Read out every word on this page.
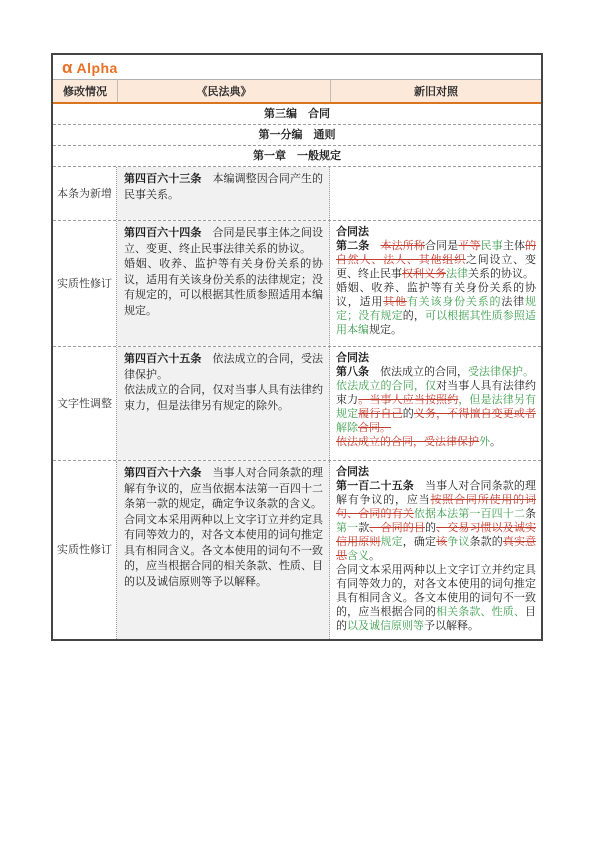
α Alpha
修改情况	《民法典》	新旧对照
第三编　合同
第一分编　通则
第一章　一般规定
本条为新增
第四百六十三条　本编调整因合同产生的民事关系。
实质性修订
第四百六十四条　合同是民事主体之间设立、变更、终止民事法律关系的协议。
婚姻、收养、监护等有关身份关系的协议，适用有关该身份关系的法律规定；没有规定的，可以根据其性质参照适用本编规定。
合同法
第二条　 本法所称合同是平等民事主体的自然人、法人、其他组织之间设立、变更、终止民事权利义务法律关系的协议。
婚姻、收养、监护等有关身份关系的协议，适用其他有关该身份关系的法律规定；没有规定的，可以根据其性质参照适用本编规定。
文字性调整
第四百六十五条　依法成立的合同，受法律保护。
依法成立的合同，仅对当事人具有法律约束力，但是法律另有规定的除外。
合同法
第八条　依法成立的合同，受法律保护。
依法成立的合同，仅对当事人具有法律约束力。当事人应当按照约，但是法律另有规定履行自己的义务，不得擅自变更或者解除合同。
依法成立的合同，受法律保护外。
实质性修订
第四百六十六条　当事人对合同条款的理解有争议的，应当依据本法第一百四十二条第一款的规定，确定争议条款的含义。
合同文本采用两种以上文字订立并约定具有同等效力的，对各文本使用的词句推定具有相同含义。各文本使用的词句不一致的，应当根据合同的相关条款、性质、目的以及诚信原则等予以解释。
合同法
第一百二十五条　当事人对合同条款的理解有争议的，应当按照合同所使用的词句、合同的有关依据本法第一百四十二条第一款、合同的目的、交易习惯以及诚实信用原则规定，确定该争议条款的真实意思含义。
合同文本采用两种以上文字订立并约定具有同等效力的，对各文本使用的词句推定具有相同含义。各文本使用的词句不一致的，应当根据合同的相关条款、性质、目的以及诚信原则等予以解释。
